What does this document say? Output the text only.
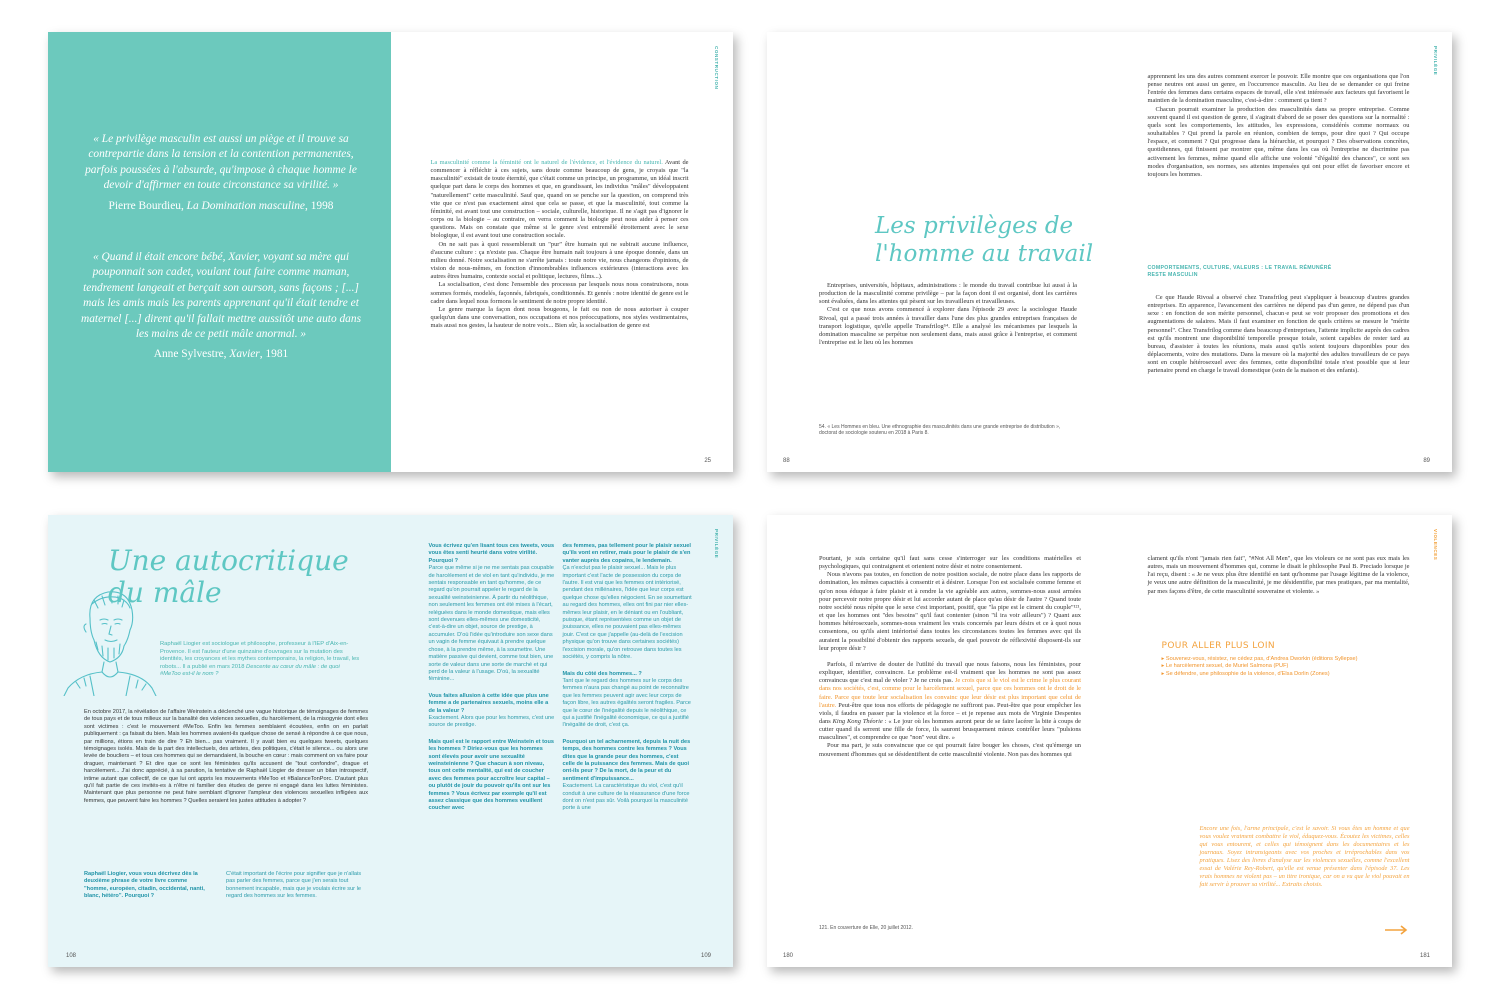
« Le privilège masculin est aussi un piège et il trouve sa contrepartie dans la tension et la contention permanentes, parfois poussées à l'absurde, qu'impose à chaque homme le devoir d'affirmer en toute circonstance sa virilité. »
Pierre Bourdieu, La Domination masculine, 1998
« Quand il était encore bébé, Xavier, voyant sa mère qui pouponnait son cadet, voulant tout faire comme maman, tendrement langeait et berçait son ourson, sans façons ; [...] mais les amis mais les parents apprenant qu'il était tendre et maternel [...] dirent qu'il fallait mettre aussitôt une auto dans les mains de ce petit mâle anormal. »
Anne Sylvestre, Xavier, 1981
CONSTRUCTION

La masculinité comme la féminité ont le naturel de l'évidence, et l'évidence du naturel. Avant de commencer à réfléchir à ces sujets, sans doute comme beaucoup de gens, je croyais que "la masculinité" existait de toute éternité, que c'était comme un principe, un programme, un idéal inscrit quelque part dans le corps des hommes et que, en grandissant, les individus "mâles" développaient "naturellement" cette masculinité. Sauf que, quand on se penche sur la question, on comprend très vite que ce n'est pas exactement ainsi que cela se passe, et que la masculinité, tout comme la féminité, est avant tout une construction – sociale, culturelle, historique. Il ne s'agit pas d'ignorer le corps ou la biologie – au contraire, on verra comment la biologie peut nous aider à penser ces questions. Mais on constate que même si le genre s'est entremêlé étroitement avec le sexe biologique, il est avant tout une construction sociale.

On ne sait pas à quoi ressemblerait un "pur" être humain qui ne subirait aucune influence, d'aucune culture : ça n'existe pas. Chaque être humain naît toujours à une époque donnée, dans un milieu donné. Notre socialisation ne s'arrête jamais : toute notre vie, nous changeons d'opinions, de vision de nous-mêmes, en fonction d'innombrables influences extérieures (interactions avec les autres êtres humains, contexte social et politique, lectures, films...).

La socialisation, c'est donc l'ensemble des processus par lesquels nous nous construisons, nous sommes formés, modelés, façonnés, fabriqués, conditionnés. Et genrés : notre identité de genre est le cadre dans lequel nous formons le sentiment de notre propre identité.

Le genre marque la façon dont nous bougeons, le fait ou non de nous autoriser à couper quelqu'un dans une conversation, nos occupations et nos préoccupations, nos styles vestimentaires, mais aussi nos gestes, la hauteur de notre voix... Bien sûr, la socialisation de genre est

25
Les privilèges de l'homme au travail

Entreprises, universités, hôpitaux, administrations : le monde du travail contribue lui aussi à la production de la masculinité comme privilège – par la façon dont il est organisé, dont les carrières sont évaluées, dans les attentes qui pèsent sur les travailleurs et travailleuses.

C'est ce que nous avons commencé à explorer dans l'épisode 29 avec la sociologue Haude Rivoal, qui a passé trois années à travailler dans l'une des plus grandes entreprises françaises de transport logistique, qu'elle appelle Transfrilog⁵⁴. Elle a analysé les mécanismes par lesquels la domination masculine se perpétue non seulement dans, mais aussi grâce à l'entreprise, et comment l'entreprise est le lieu où les hommes

54. « Les Hommes en bleu. Une ethnographie des masculinités dans une grande entreprise de distribution », doctorat de sociologie soutenu en 2018 à Paris 8.
88
PRIVILÈGE

apprennent les uns des autres comment exercer le pouvoir. Elle montre que ces organisations que l'on pense neutres ont aussi un genre, en l'occurrence masculin. Au lieu de se demander ce qui freine l'entrée des femmes dans certains espaces de travail, elle s'est intéressée aux facteurs qui favorisent le maintien de la domination masculine, c'est-à-dire : comment ça tient ?

Chacun pourrait examiner la production des masculinités dans sa propre entreprise. Comme souvent quand il est question de genre, il s'agirait d'abord de se poser des questions sur la normalité : quels sont les comportements, les attitudes, les expressions, considérés comme normaux ou souhaitables ? Qui prend la parole en réunion, combien de temps, pour dire quoi ? Qui occupe l'espace, et comment ? Qui progresse dans la hiérarchie, et pourquoi ? Des observations concrètes, quotidiennes, qui finissent par montrer que, même dans les cas où l'entreprise ne discrimine pas activement les femmes, même quand elle affiche une volonté "d'égalité des chances", ce sont ses modes d'organisation, ses normes, ses attentes impensées qui ont pour effet de favoriser encore et toujours les hommes.

COMPORTEMENTS, CULTURE, VALEURS : LE TRAVAIL RÉMUNÉRÉ RESTE MASCULIN

Ce que Haude Rivoal a observé chez Transfrilog peut s'appliquer à beaucoup d'autres grandes entreprises. En apparence, l'avancement des carrières ne dépend pas d'un genre, ne dépend pas d'un sexe : en fonction de son mérite personnel, chacun·e peut se voir proposer des promotions et des augmentations de salaires. Mais il faut examiner en fonction de quels critères se mesure le "mérite personnel". Chez Transfrilog comme dans beaucoup d'entreprises, l'attente implicite auprès des cadres est qu'ils montrent une disponibilité temporelle presque totale, soient capables de rester tard au bureau, d'assister à toutes les réunions, mais aussi qu'ils soient toujours disponibles pour des déplacements, voire des mutations. Dans la mesure où la majorité des adultes travailleurs de ce pays sont en couple hétérosexuel avec des femmes, cette disponibilité totale n'est possible que si leur partenaire prend en charge le travail domestique (soin de la maison et des enfants).

89
Une autocritique du mâle
Raphaël Liogier est sociologue et philosophe, professeur à l'IEP d'Aix-en-Provence. Il est l'auteur d'une quinzaine d'ouvrages sur la mutation des identités, les croyances et les mythes contemporains, la religion, le travail, les robots... Il a publié en mars 2018 Descente au cœur du mâle : de quoi #MeToo est-il le nom ?
En octobre 2017, la révélation de l'affaire Weinstein a déclenché une vague historique de témoignages de femmes de tous pays et de tous milieux sur la banalité des violences sexuelles, du harcèlement, de la misogynie dont elles sont victimes : c'est le mouvement #MeToo. Enfin les femmes semblaient écoutées, enfin on en parlait publiquement : ça faisait du bien. Mais les hommes avaient-ils quelque chose de sensé à répondre à ce que nous, par millions, étions en train de dire ? Eh bien... pas vraiment. Il y avait bien eu quelques tweets, quelques témoignages isolés. Mais de la part des intellectuels, des artistes, des politiques, c'était le silence... ou alors une levée de boucliers – et tous ces hommes qui se demandaient, la bouche en cœur : mais comment on va faire pour draguer, maintenant ? Et dire que ce sont les féministes qu'ils accusent de "tout confondre", drague et harcèlement... J'ai donc apprécié, à sa parution, la tentative de Raphaël Liogier de dresser un bilan introspectif, intime autant que collectif, de ce que lui ont appris les mouvements #MeToo et #BalanceTonPorc. D'autant plus qu'il fait partie de ces invités-es à n'être ni familier des études de genre ni engagé dans les luttes féministes. Maintenant que plus personne ne peut faire semblant d'ignorer l'ampleur des violences sexuelles infligées aux femmes, que peuvent faire les hommes ? Quelles seraient les justes attitudes à adopter ?
Raphaël Liogier, vous vous décrivez dès la deuxième phrase de votre livre comme "homme, européen, citadin, occidental, nanti, blanc, hétéro". Pourquoi ?
C'était important de l'écrire pour signifier que je n'allais pas parler des femmes, parce que j'en serais tout bonnement incapable, mais que je voulais écrire sur le regard des hommes sur les femmes.
108
PRIVILÈGE
Vous écrivez qu'en lisant tous ces tweets, vous vous êtes senti heurté dans votre virilité. Pourquoi ?
Parce que même si je ne me sentais pas coupable de harcèlement et de viol en tant qu'individu, je me sentais responsable en tant qu'homme, de ce regard qu'on pourrait appeler le regard de la sexualité weinsteinienne. À partir du néolithique, non seulement les femmes ont été mises à l'écart, reléguées dans le monde domestique, mais elles sont devenues elles-mêmes une domesticité, c'est-à-dire un objet, source de prestige, à accumuler. D'où l'idée qu'introduire son sexe dans un vagin de femme équivaut à prendre quelque chose, à la prendre même, à la soumettre. Une matière passive qui devient, comme tout bien, une sorte de valeur dans une sorte de marché et qui perd de la valeur à l'usage. D'où, la sexualité féminine...
Vous faites allusion à cette idée que plus une femme a de partenaires sexuels, moins elle a de la valeur ?
Exactement. Alors que pour les hommes, c'est une source de prestige.
Mais quel est le rapport entre Weinstein et tous les hommes ? Diriez-vous que les hommes sont élevés pour avoir une sexualité weinsteinienne ? Que chacun à son niveau, tous ont cette mentalité, qui est de coucher avec des femmes pour accroître leur capital – ou plutôt de jouir du pouvoir qu'ils ont sur les femmes ? Vous écrivez par exemple qu'il est assez classique que des hommes veuillent coucher avec
des femmes, pas tellement pour le plaisir sexuel qu'ils vont en retirer, mais pour le plaisir de s'en vanter auprès des copains, le lendemain.
Ça n'exclut pas le plaisir sexuel... Mais le plus important c'est l'acte de possession du corps de l'autre. Il est vrai que les femmes ont intériorisé, pendant des millénaires, l'idée que leur corps est quelque chose qu'elles négocient. En se soumettant au regard des hommes, elles ont fini par nier elles-mêmes leur plaisir, en le déniant ou en l'oubliant, puisque, étant représentées comme un objet de jouissance, elles ne pouvaient pas elles-mêmes jouir. C'est ce que j'appelle (au-delà de l'excision physique qu'on trouve dans certaines sociétés) l'excision morale, qu'on retrouve dans toutes les sociétés, y compris la nôtre.
Mais du côté des hommes... ?
Tant que le regard des hommes sur le corps des femmes n'aura pas changé au point de reconnaître que les femmes peuvent agir avec leur corps de façon libre, les autres égalités seront fragiles. Parce que le cœur de l'inégalité depuis le néolithique, ce qui a justifié l'inégalité économique, ce qui a justifié l'inégalité de droit, c'est ça.
Pourquoi un tel acharnement, depuis la nuit des temps, des hommes contre les femmes ? Vous dites que la grande peur des hommes, c'est celle de la puissance des femmes. Mais de quoi ont-ils peur ? De la mort, de la peur et du sentiment d'impuissance...
Exactement. La caractéristique du viol, c'est qu'il conduit à une culture de la réassurance d'une force dont on n'est pas sûr. Voilà pourquoi la masculinité porte à une
109

Pourtant, je suis certaine qu'il faut sans cesse s'interroger sur les conditions matérielles et psychologiques, qui contraignent et orientent notre désir et notre consentement.

Nous n'avons pas toutes, en fonction de notre position sociale, de notre place dans les rapports de domination, les mêmes capacités à consentir et à désirer. Lorsque l'on est socialisée comme femme et qu'on nous éduque à faire plaisir et à rendre la vie agréable aux autres, sommes-nous aussi armées pour percevoir notre propre désir et lui accorder autant de place qu'au désir de l'autre ? Quand toute notre société nous répète que le sexe c'est important, positif, que "la pipe est le ciment du couple"¹²¹, et que les hommes ont "des besoins" qu'il faut contenter (sinon "il ira voir ailleurs") ? Quant aux hommes hétérosexuels, sommes-nous vraiment les vrais concernés par leurs désirs et ce à quoi nous consentons, ou qu'ils aient intériorisé dans toutes les circonstances toutes les femmes avec qui ils auraient la possibilité d'obtenir des rapports sexuels, de quel pouvoir de réflexivité disposent-ils sur leur propre désir ?

Parfois, il m'arrive de douter de l'utilité du travail que nous faisons, nous les féministes, pour expliquer, identifier, convaincre. Le problème est-il vraiment que les hommes ne sont pas assez convaincus que c'est mal de violer ? Je ne crois pas. Je crois que si le viol est le crime le plus courant dans nos sociétés, c'est, comme pour le harcèlement sexuel, parce que ces hommes ont le droit de le faire. Parce que toute leur socialisation les convainc que leur désir est plus important que celui de l'autre. Peut-être que tous nos efforts de pédagogie ne suffiront pas. Peut-être que pour empêcher les viols, il faudra en passer par la violence et la force – et je repense aux mots de Virginie Despentes dans King Kong Théorie : « Le jour où les hommes auront peur de se faire lacérer la bite à coups de cutter quand ils serrent une fille de force, ils sauront brusquement mieux contrôler leurs "pulsions masculines", et comprendre ce que "non" veut dire. »

Pour ma part, je suis convaincue que ce qui pourrait faire bouger les choses, c'est qu'émerge un mouvement d'hommes qui se désidentifient de cette masculinité violente. Non pas des hommes qui

121. En couverture de Elle, 20 juillet 2012.
180
VIOLENCES

clament qu'ils n'ont "jamais rien fait", "#Not All Men", que les violeurs ce ne sont pas eux mais les autres, mais un mouvement d'hommes qui, comme le disait le philosophe Paul B. Preciado lorsque je l'ai reçu, disent : « Je ne veux plus être identifié en tant qu'homme par l'usage légitime de la violence, je veux une autre définition de la masculinité, je me désidentifie, par mes pratiques, par ma mentalité, par mes façons d'être, de cette masculinité souveraine et violente. »

POUR ALLER PLUS LOIN
▸ Souvenez-vous, résistez, ne cédez pas, d'Andrea Dworkin (éditions Syllepse)
▸ Le harcèlement sexuel, de Muriel Salmona (PUF)
▸ Se défendre, une philosophie de la violence, d'Elsa Dorlin (Zones)
Encore une fois, l'arme principale, c'est le savoir. Si vous êtes un homme et que vous voulez vraiment combattre le viol, éduquez-vous. Écoutez les victimes, celles qui vous entourent, et celles qui témoignent dans les documentaires et les journaux. Soyez intransigeants avec vos proches et irréprochables dans vos pratiques. Lisez des livres d'analyse sur les violences sexuelles, comme l'excellent essai de Valérie Rey-Robert, qu'elle est venue présenter dans l'épisode 37. Les vrais hommes ne violent pas – un titre ironique, car on a vu que le viol pouvait en fait servir à prouver sa virilité... Extraits choisis.
181
